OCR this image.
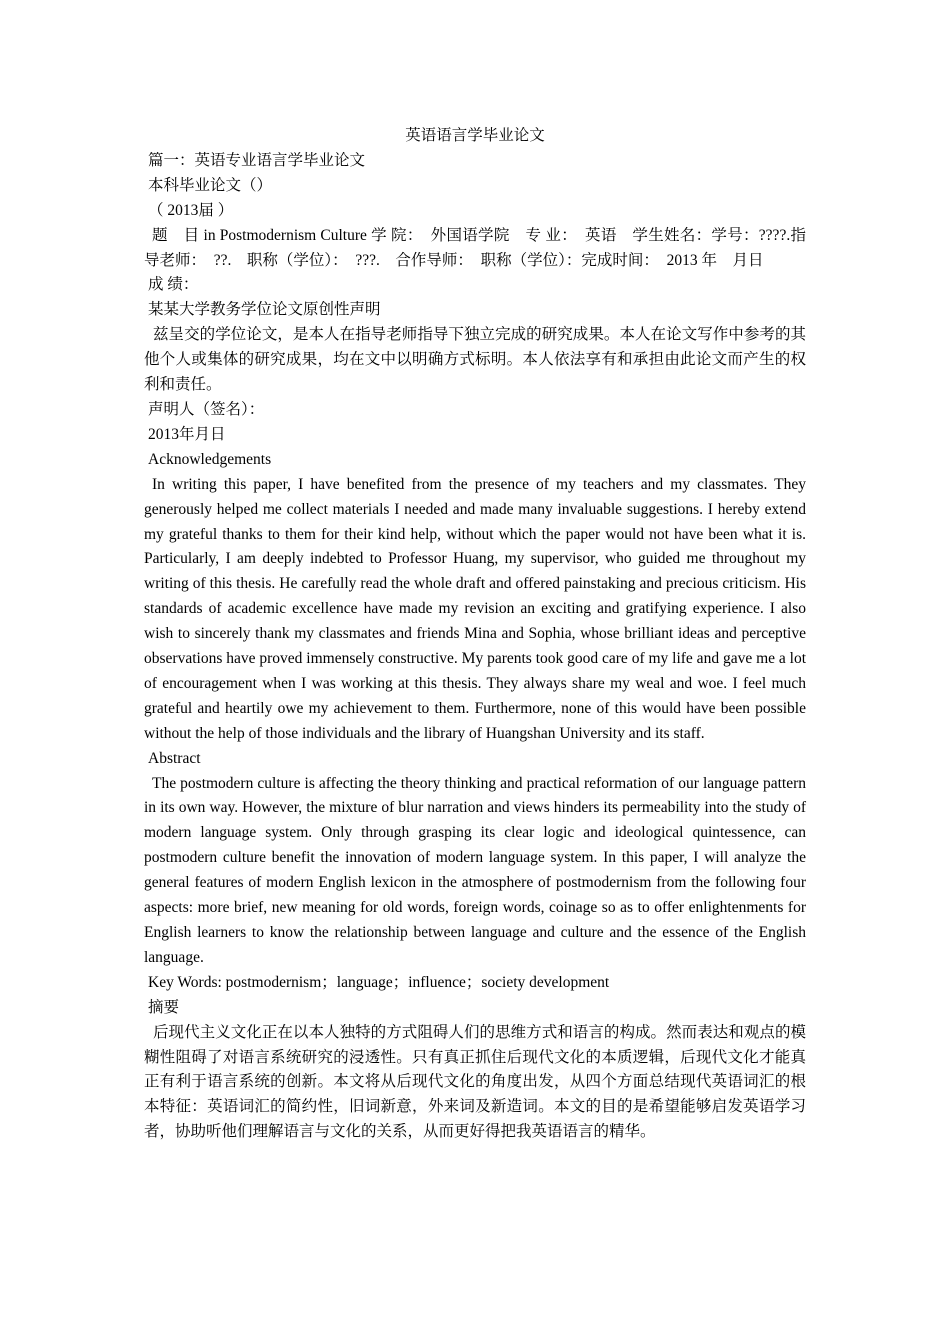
英语语言学毕业论文

篇一：英语专业语言学毕业论文

本科毕业论文（）

（ 2013届 ）

题　目 in Postmodernism Culture 学 院：　外国语学院　专 业：　英语　学生姓名：学号：????.指导老师：　??.　职称（学位）：　???.　合作导师：　职称（学位）：完成时间：　2013 年　月日

成 绩：

某某大学教务学位论文原创性声明

兹呈交的学位论文，是本人在指导老师指导下独立完成的研究成果。本人在论文写作中参考的其他个人或集体的研究成果，均在文中以明确方式标明。本人依法享有和承担由此论文而产生的权利和责任。

声明人（签名）：

2013年月日

Acknowledgements

In writing this paper, I have benefited from the presence of my teachers and my classmates. They generously helped me collect materials I needed and made many invaluable suggestions. I hereby extend my grateful thanks to them for their kind help, without which the paper would not have been what it is. Particularly, I am deeply indebted to Professor Huang, my supervisor, who guided me throughout my writing of this thesis. He carefully read the whole draft and offered painstaking and precious criticism. His standards of academic excellence have made my revision an exciting and gratifying experience. I also wish to sincerely thank my classmates and friends Mina and Sophia, whose brilliant ideas and perceptive observations have proved immensely constructive. My parents took good care of my life and gave me a lot of encouragement when I was working at this thesis. They always share my weal and woe. I feel much grateful and heartily owe my achievement to them. Furthermore, none of this would have been possible without the help of those individuals and the library of Huangshan University and its staff.

Abstract

The postmodern culture is affecting the theory thinking and practical reformation of our language pattern in its own way. However, the mixture of blur narration and views hinders its permeability into the study of modern language system. Only through grasping its clear logic and ideological quintessence, can postmodern culture benefit the innovation of modern language system. In this paper, I will analyze the general features of modern English lexicon in the atmosphere of postmodernism from the following four aspects: more brief, new meaning for old words, foreign words, coinage so as to offer enlightenments for English learners to know the relationship between language and culture and the essence of the English language.

Key Words: postmodernism；language；influence；society development

摘要

后现代主义文化正在以本人独特的方式阻碍人们的思维方式和语言的构成。然而表达和观点的模糊性阻碍了对语言系统研究的浸透性。只有真正抓住后现代文化的本质逻辑，后现代文化才能真正有利于语言系统的创新。本文将从后现代文化的角度出发，从四个方面总结现代英语词汇的根本特征：英语词汇的简约性，旧词新意，外来词及新造词。本文的目的是希望能够启发英语学习者，协助听他们理解语言与文化的关系，从而更好得把我英语语言的精华。
